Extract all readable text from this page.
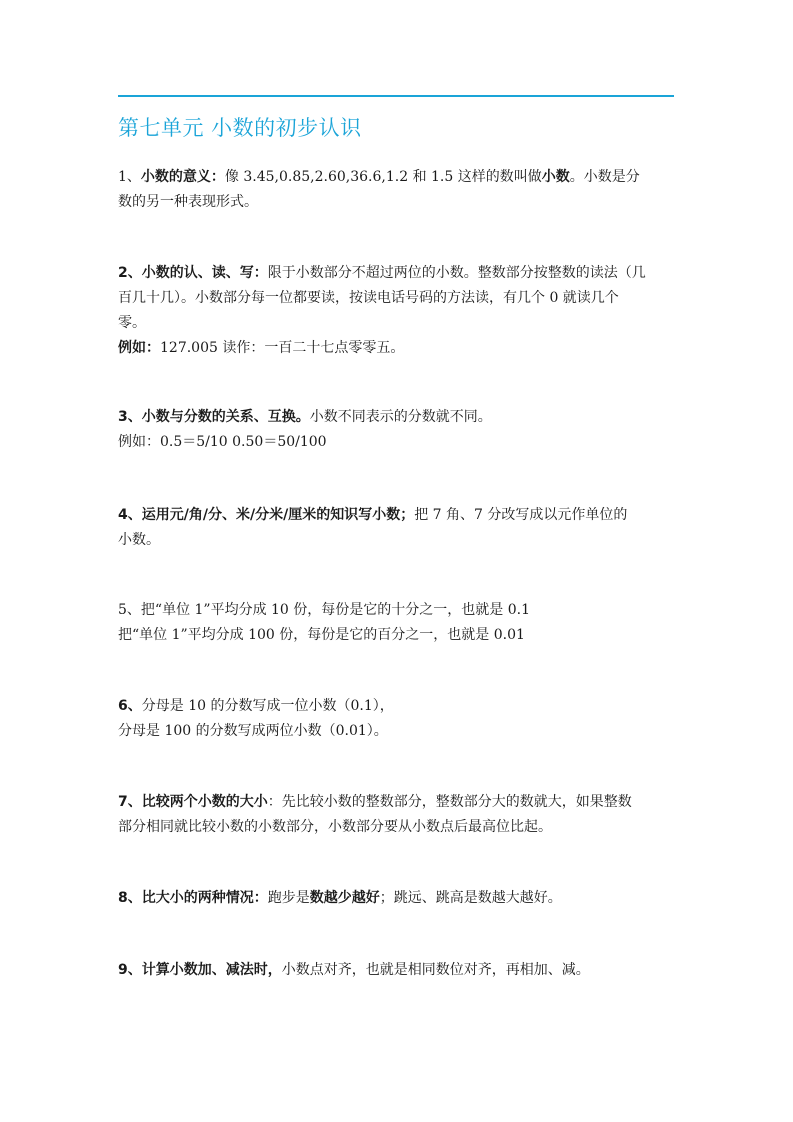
第七单元 小数的初步认识

1、小数的意义：像 3.45,0.85,2.60,36.6,1.2 和 1.5 这样的数叫做小数。小数是分
数的另一种表现形式。

2、小数的认、读、写：限于小数部分不超过两位的小数。整数部分按整数的读法（几
百几十几）。小数部分每一位都要读，按读电话号码的方法读，有几个 0 就读几个
零。
例如：127.005 读作：一百二十七点零零五。

3、小数与分数的关系、互换。小数不同表示的分数就不同。
例如：0.5＝5/10 0.50＝50/100

4、运用元/角/分、米/分米/厘米的知识写小数；把 7 角、7 分改写成以元作单位的
小数。

5、把“单位 1”平均分成 10 份，每份是它的十分之一，也就是 0.1
把“单位 1”平均分成 100 份，每份是它的百分之一，也就是 0.01

6、分母是 10 的分数写成一位小数（0.1），
分母是 100 的分数写成两位小数（0.01）。

7、比较两个小数的大小：先比较小数的整数部分，整数部分大的数就大，如果整数
部分相同就比较小数的小数部分，小数部分要从小数点后最高位比起。

8、比大小的两种情况：跑步是数越少越好；跳远、跳高是数越大越好。

9、计算小数加、减法时，小数点对齐，也就是相同数位对齐，再相加、减。
